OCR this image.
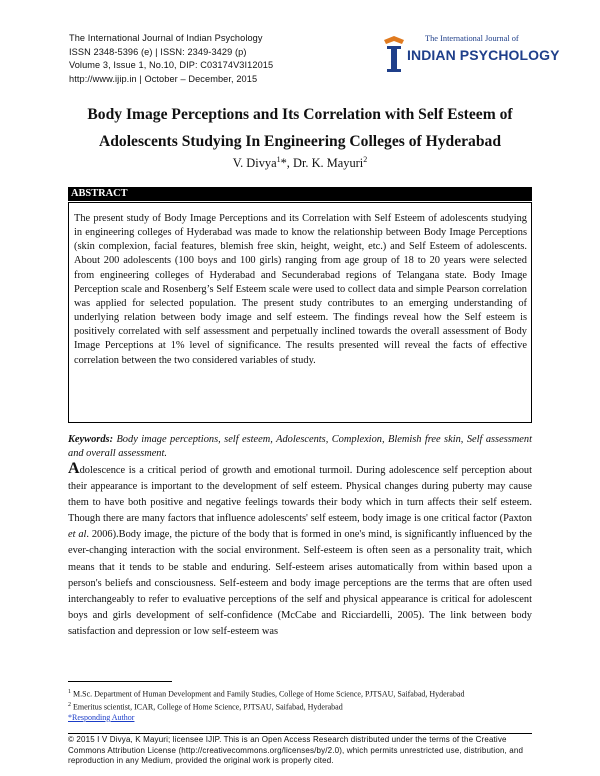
The International Journal of Indian Psychology
ISSN 2348-5396 (e) | ISSN: 2349-3429 (p)
Volume 3, Issue 1, No.10, DIP: C03174V3I12015
http://www.ijip.in | October – December, 2015
The International Journal of
INDIAN PSYCHOLOGY
Body Image Perceptions and Its Correlation with Self Esteem of
Adolescents Studying In Engineering Colleges of Hyderabad
V. Divya$^1$*, Dr. K. Mayuri$^2$
ABSTRACT
The present study of Body Image Perceptions and its Correlation with Self Esteem of adolescents studying in engineering colleges of Hyderabad was made to know the relationship between Body Image Perceptions (skin complexion, facial features, blemish free skin, height, weight, etc.) and Self Esteem of adolescents. About 200 adolescents (100 boys and 100 girls) ranging from age group of 18 to 20 years were selected from engineering colleges of Hyderabad and Secunderabad regions of Telangana state. Body Image Perception scale and Rosenberg’s Self Esteem scale were used to collect data and simple Pearson correlation was applied for selected population. The present study contributes to an emerging understanding of underlying relation between body image and self esteem. The findings reveal how the Self esteem is positively correlated with self assessment and perpetually inclined towards the overall assessment of Body Image Perceptions at 1% level of significance. The results presented will reveal the facts of effective correlation between the two considered variables of study.
Keywords: Body image perceptions, self esteem, Adolescents, Complexion, Blemish free skin, Self assessment and overall assessment.
Adolescence is a critical period of growth and emotional turmoil. During adolescence self perception about their appearance is important to the development of self esteem. Physical changes during puberty may cause them to have both positive and negative feelings towards their body which in turn affects their self esteem. Though there are many factors that influence adolescents' self esteem, body image is one critical factor (Paxton et al. 2006).Body image, the picture of the body that is formed in one's mind, is significantly influenced by the ever-changing interaction with the social environment. Self-esteem is often seen as a personality trait, which means that it tends to be stable and enduring. Self-esteem arises automatically from within based upon a person's beliefs and consciousness. Self-esteem and body image perceptions are the terms that are often used interchangeably to refer to evaluative perceptions of the self and physical appearance is critical for adolescent boys and girls development of self-confidence (McCabe and Ricciardelli, 2005). The link between body satisfaction and depression or low self-esteem was
$^1$ M.Sc. Department of Human Development and Family Studies, College of Home Science, PJTSAU, Saifabad, Hyderabad
$^2$ Emeritus scientist, ICAR, College of Home Science, PJTSAU, Saifabad, Hyderabad
*Responding Author
© 2015 I V Divya, K Mayuri; licensee IJIP. This is an Open Access Research distributed under the terms of the Creative Commons Attribution License (http://creativecommons.org/licenses/by/2.0), which permits unrestricted use, distribution, and reproduction in any Medium, provided the original work is properly cited.
